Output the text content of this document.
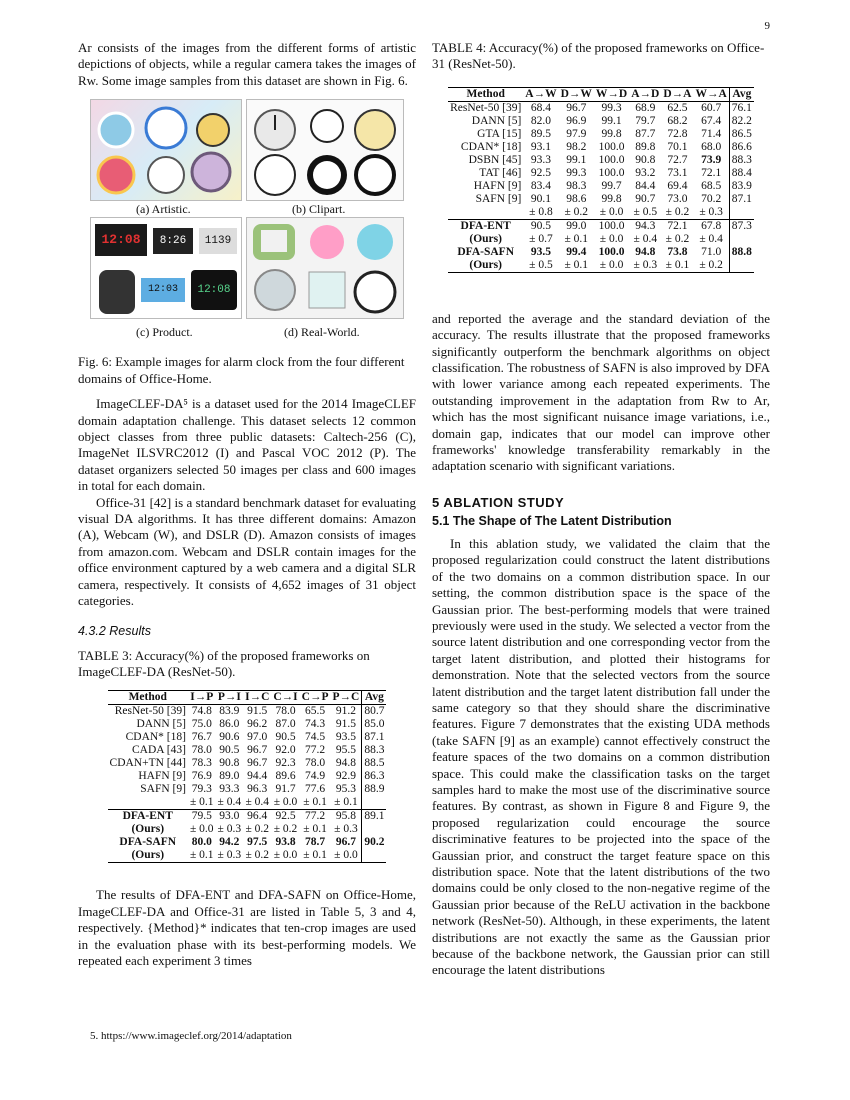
9

Ar consists of the images from the different forms of artistic depictions of objects, while a regular camera takes the images of Rw. Some image samples from this dataset are shown in Fig. 6.

(a) Artistic.	(b) Clipart.
12:08	8:26	1139
12:03	12:08
(c) Product.	(d) Real-World.
Fig. 6: Example images for alarm clock from the four different domains of Office-Home.

ImageCLEF-DA⁵ is a dataset used for the 2014 ImageCLEF domain adaptation challenge. This dataset selects 12 common object classes from three public datasets: Caltech-256 (C), ImageNet ILSVRC2012 (I) and Pascal VOC 2012 (P). The dataset organizers selected 50 images per class and 600 images in total for each domain.

Office-31 [42] is a standard benchmark dataset for evaluating visual DA algorithms. It has three different domains: Amazon (A), Webcam (W), and DSLR (D). Amazon consists of images from amazon.com. Webcam and DSLR contain images for the office environment captured by a web camera and a digital SLR camera, respectively. It consists of 4,652 images of 31 object categories.

4.3.2 Results
TABLE 3: Accuracy(%) of the proposed frameworks on ImageCLEF-DA (ResNet-50).
Method	I→P	P→I	I→C	C→I	C→P	P→C	Avg
ResNet-50 [39]	74.8	83.9	91.5	78.0	65.5	91.2	80.7
DANN [5]	75.0	86.0	96.2	87.0	74.3	91.5	85.0
CDAN* [18]	76.7	90.6	97.0	90.5	74.5	93.5	87.1
CADA [43]	78.0	90.5	96.7	92.0	77.2	95.5	88.3
CDAN+TN [44]	78.3	90.8	96.7	92.3	78.0	94.8	88.5
HAFN [9]	76.9	89.0	94.4	89.6	74.9	92.9	86.3
SAFN [9]	79.3	93.3	96.3	91.7	77.6	95.3	88.9
	± 0.1	± 0.4	± 0.4	± 0.0	± 0.1	± 0.1	
DFA-ENT	79.5	93.0	96.4	92.5	77.2	95.8	89.1
(Ours)	± 0.0	± 0.3	± 0.2	± 0.2	± 0.1	± 0.3	
DFA-SAFN	80.0	94.2	97.5	93.8	78.7	96.7	90.2
(Ours)	± 0.1	± 0.3	± 0.2	± 0.0	± 0.1	± 0.0	

The results of DFA-ENT and DFA-SAFN on Office-Home, ImageCLEF-DA and Office-31 are listed in Table 5, 3 and 4, respectively. {Method}* indicates that ten-crop images are used in the evaluation phase with its best-performing models. We repeated each experiment 3 times

TABLE 4: Accuracy(%) of the proposed frameworks on Office-31 (ResNet-50).
Method	A→W	D→W	W→D	A→D	D→A	W→A	Avg
ResNet-50 [39]	68.4	96.7	99.3	68.9	62.5	60.7	76.1
DANN [5]	82.0	96.9	99.1	79.7	68.2	67.4	82.2
GTA [15]	89.5	97.9	99.8	87.7	72.8	71.4	86.5
CDAN* [18]	93.1	98.2	100.0	89.8	70.1	68.0	86.6
DSBN [45]	93.3	99.1	100.0	90.8	72.7	73.9	88.3
TAT [46]	92.5	99.3	100.0	93.2	73.1	72.1	88.4
HAFN [9]	83.4	98.3	99.7	84.4	69.4	68.5	83.9
SAFN [9]	90.1	98.6	99.8	90.7	73.0	70.2	87.1
	± 0.8	± 0.2	± 0.0	± 0.5	± 0.2	± 0.3	
DFA-ENT	90.5	99.0	100.0	94.3	72.1	67.8	87.3
(Ours)	± 0.7	± 0.1	± 0.0	± 0.4	± 0.2	± 0.4	
DFA-SAFN	93.5	99.4	100.0	94.8	73.8	71.0	88.8
(Ours)	± 0.5	± 0.1	± 0.0	± 0.3	± 0.1	± 0.2	

and reported the average and the standard deviation of the accuracy. The results illustrate that the proposed frameworks significantly outperform the benchmark algorithms on object classification. The robustness of SAFN is also improved by DFA with lower variance among each repeated experiments. The outstanding improvement in the adaptation from Rw to Ar, which has the most significant nuisance image variations, i.e., domain gap, indicates that our model can improve other frameworks' knowledge transferability remarkably in the adaptation scenario with significant variations.

5 ABLATION STUDY
5.1 The Shape of The Latent Distribution

In this ablation study, we validated the claim that the proposed regularization could construct the latent distributions of the two domains on a common distribution space. In our setting, the common distribution space is the space of the Gaussian prior. The best-performing models that were trained previously were used in the study. We selected a vector from the source latent distribution and one corresponding vector from the target latent distribution, and plotted their histograms for demonstration. Note that the selected vectors from the source latent distribution and the target latent distribution fall under the same category so that they should share the discriminative features. Figure 7 demonstrates that the existing UDA methods (take SAFN [9] as an example) cannot effectively construct the feature spaces of the two domains on a common distribution space. This could make the classification tasks on the target samples hard to make the most use of the discriminative source features. By contrast, as shown in Figure 8 and Figure 9, the proposed regularization could encourage the source discriminative features to be projected into the space of the Gaussian prior, and construct the target feature space on this distribution space. Note that the latent distributions of the two domains could be only closed to the non-negative regime of the Gaussian prior because of the ReLU activation in the backbone network (ResNet-50). Although, in these experiments, the latent distributions are not exactly the same as the Gaussian prior because of the backbone network, the Gaussian prior can still encourage the latent distributions

5. https://www.imageclef.org/2014/adaptation
